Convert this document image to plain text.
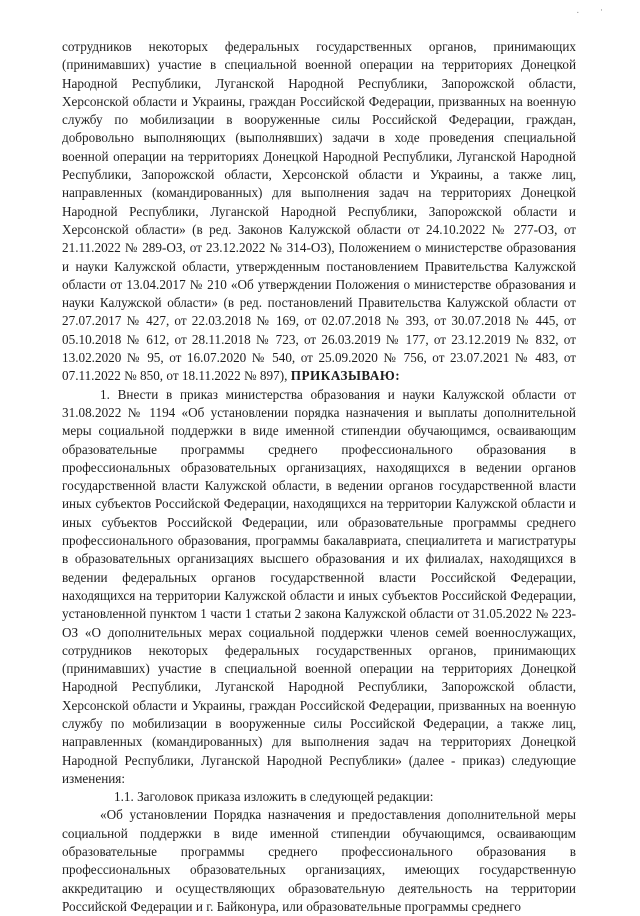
. ·

сотрудников некоторых федеральных государственных органов, принимающих (принимавших) участие в специальной военной операции на территориях Донецкой Народной Республики, Луганской Народной Республики, Запорожской области, Херсонской области и Украины, граждан Российской Федерации, призванных на военную службу по мобилизации в вооруженные силы Российской Федерации, граждан, добровольно выполняющих (выполнявших) задачи в ходе проведения специальной военной операции на территориях Донецкой Народной Республики, Луганской Народной Республики, Запорожской области, Херсонской области и Украины, а также лиц, направленных (командированных) для выполнения задач на территориях Донецкой Народной Республики, Луганской Народной Республики, Запорожской области и Херсонской области» (в ред. Законов Калужской области от 24.10.2022 № 277-ОЗ, от 21.11.2022 № 289-ОЗ, от 23.12.2022 № 314-ОЗ), Положением о министерстве образования и науки Калужской области, утвержденным постановлением Правительства Калужской области от 13.04.2017 № 210 «Об утверждении Положения о министерстве образования и науки Калужской области» (в ред. постановлений Правительства Калужской области от 27.07.2017 № 427, от 22.03.2018 № 169, от 02.07.2018 № 393, от 30.07.2018 № 445, от 05.10.2018 № 612, от 28.11.2018 № 723, от 26.03.2019 № 177, от 23.12.2019 № 832, от 13.02.2020 № 95, от 16.07.2020 № 540, от 25.09.2020 № 756, от 23.07.2021 № 483, от 07.11.2022 № 850, от 18.11.2022 № 897), ПРИКАЗЫВАЮ:

1. Внести в приказ министерства образования и науки Калужской области от 31.08.2022 № 1194 «Об установлении порядка назначения и выплаты дополнительной меры социальной поддержки в виде именной стипендии обучающимся, осваивающим образовательные программы среднего профессионального образования в профессиональных образовательных организациях, находящихся в ведении органов государственной власти Калужской области, в ведении органов государственной власти иных субъектов Российской Федерации, находящихся на территории Калужской области и иных субъектов Российской Федерации, или образовательные программы среднего профессионального образования, программы бакалавриата, специалитета и магистратуры в образовательных организациях высшего образования и их филиалах, находящихся в ведении федеральных органов государственной власти Российской Федерации, находящихся на территории Калужской области и иных субъектов Российской Федерации, установленной пунктом 1 части 1 статьи 2 закона Калужской области от 31.05.2022 № 223-ОЗ «О дополнительных мерах социальной поддержки членов семей военнослужащих, сотрудников некоторых федеральных государственных органов, принимающих (принимавших) участие в специальной военной операции на территориях Донецкой Народной Республики, Луганской Народной Республики, Запорожской области, Херсонской области и Украины, граждан Российской Федерации, призванных на военную службу по мобилизации в вооруженные силы Российской Федерации, а также лиц, направленных (командированных) для выполнения задач на территориях Донецкой Народной Республики, Луганской Народной Республики» (далее - приказ) следующие изменения:

1.1. Заголовок приказа изложить в следующей редакции:

«Об установлении Порядка назначения и предоставления дополнительной меры социальной поддержки в виде именной стипендии обучающимся, осваивающим образовательные программы среднего профессионального образования в профессиональных образовательных организациях, имеющих государственную аккредитацию и осуществляющих образовательную деятельность на территории Российской Федерации и г. Байконура, или образовательные программы среднего
